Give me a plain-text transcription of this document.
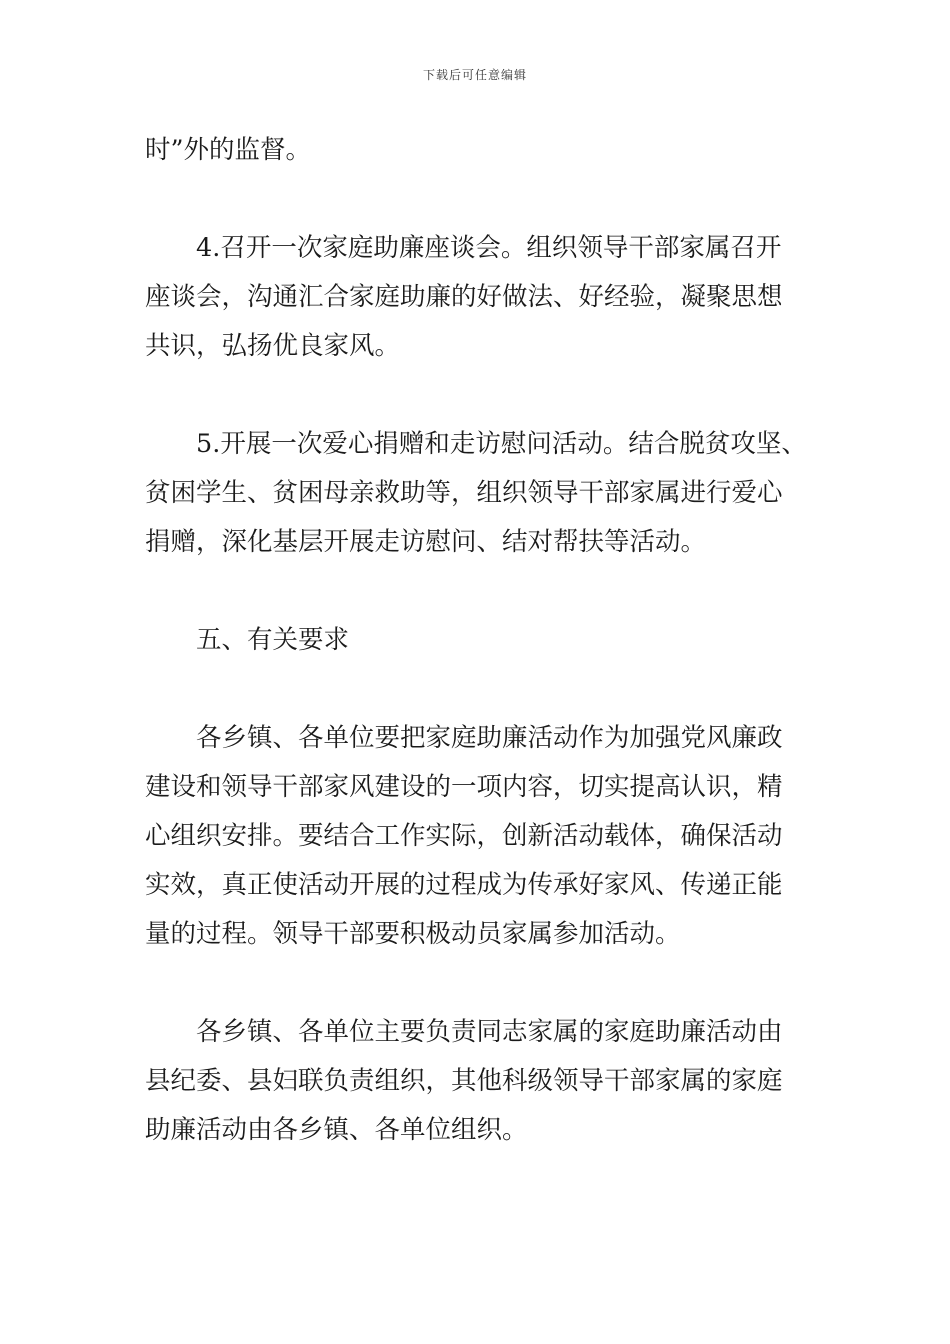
下载后可任意编辑

时”外的监督。

4.召开一次家庭助廉座谈会。组织领导干部家属召开
座谈会，沟通汇合家庭助廉的好做法、好经验，凝聚思想
共识，弘扬优良家风。

5.开展一次爱心捐赠和走访慰问活动。结合脱贫攻坚、
贫困学生、贫困母亲救助等，组织领导干部家属进行爱心
捐赠，深化基层开展走访慰问、结对帮扶等活动。

五、有关要求

各乡镇、各单位要把家庭助廉活动作为加强党风廉政
建设和领导干部家风建设的一项内容，切实提高认识，精
心组织安排。要结合工作实际，创新活动载体，确保活动
实效，真正使活动开展的过程成为传承好家风、传递正能
量的过程。领导干部要积极动员家属参加活动。

各乡镇、各单位主要负责同志家属的家庭助廉活动由
县纪委、县妇联负责组织，其他科级领导干部家属的家庭
助廉活动由各乡镇、各单位组织。
